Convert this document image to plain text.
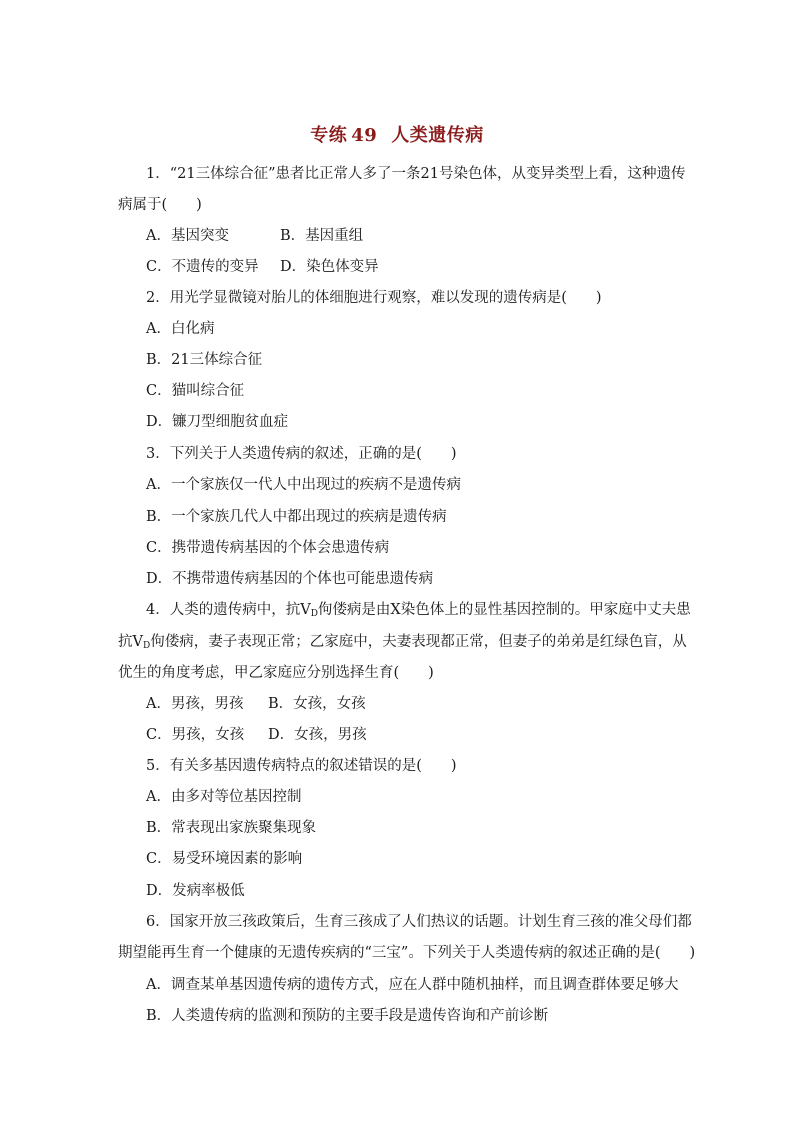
专练 49 人类遗传病
1．“21三体综合征”患者比正常人多了一条21号染色体，从变异类型上看，这种遗传
病属于(　　)
A．基因突变	B．基因重组
C．不遗传的变异 D．染色体变异
2．用光学显微镜对胎儿的体细胞进行观察，难以发现的遗传病是(　　)
A．白化病
B．21三体综合征
C．猫叫综合征
D．镰刀型细胞贫血症
3．下列关于人类遗传病的叙述，正确的是(　　)
A．一个家族仅一代人中出现过的疾病不是遗传病
B．一个家族几代人中都出现过的疾病是遗传病
C．携带遗传病基因的个体会患遗传病
D．不携带遗传病基因的个体也可能患遗传病
4．人类的遗传病中，抗$V_D$佝偻病是由X染色体上的显性基因控制的。甲家庭中丈夫患
抗$V_D$佝偻病，妻子表现正常；乙家庭中，夫妻表现都正常，但妻子的弟弟是红绿色盲，从
优生的角度考虑，甲乙家庭应分别选择生育(　　)
A．男孩，男孩 B．女孩，女孩
C．男孩，女孩 D．女孩，男孩
5．有关多基因遗传病特点的叙述错误的是(　　)
A．由多对等位基因控制
B．常表现出家族聚集现象
C．易受环境因素的影响
D．发病率极低
6．国家开放三孩政策后，生育三孩成了人们热议的话题。计划生育三孩的准父母们都
期望能再生育一个健康的无遗传疾病的“三宝”。下列关于人类遗传病的叙述正确的是(　　)
A．调查某单基因遗传病的遗传方式，应在人群中随机抽样，而且调查群体要足够大
B．人类遗传病的监测和预防的主要手段是遗传咨询和产前诊断
